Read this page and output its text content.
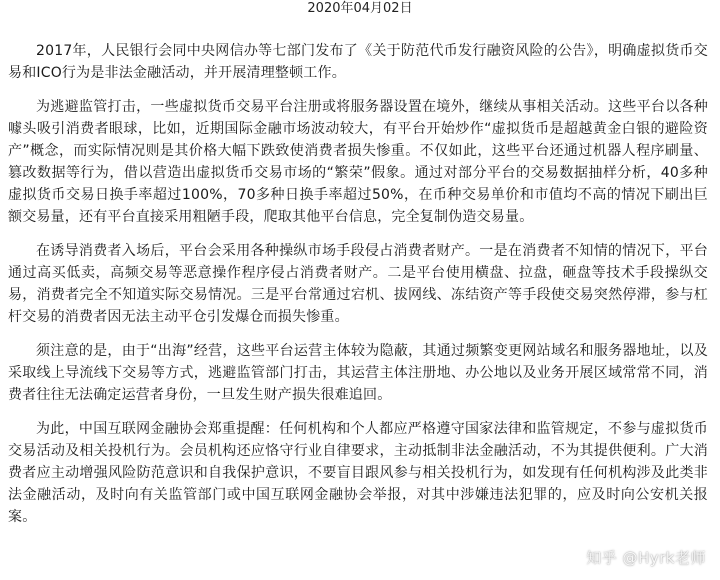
2020年04月02日

2017年，人民银行会同中央网信办等七部门发布了《关于防范代币发行融资风险的公告》，明确虚拟货币交易和ICO行为是非法金融活动，并开展清理整顿工作。

为逃避监管打击，一些虚拟货币交易平台注册或将服务器设置在境外，继续从事相关活动。这些平台以各种噱头吸引消费者眼球，比如，近期国际金融市场波动较大，有平台开始炒作“虚拟货币是超越黄金白银的避险资产”概念，而实际情况则是其价格大幅下跌致使消费者损失惨重。不仅如此，这些平台还通过机器人程序刷量、篡改数据等行为，借以营造出虚拟货币交易市场的“繁荣”假象。通过对部分平台的交易数据抽样分析，40多种虚拟货币交易日换手率超过100%，70多种日换手率超过50%，在币种交易单价和市值均不高的情况下刷出巨额交易量，还有平台直接采用粗陋手段，爬取其他平台信息，完全复制伪造交易量。

在诱导消费者入场后，平台会采用各种操纵市场手段侵占消费者财产。一是在消费者不知情的情况下，平台通过高买低卖，高频交易等恶意操作程序侵占消费者财产。二是平台使用横盘、拉盘，砸盘等技术手段操纵交易，消费者完全不知道实际交易情况。三是平台常通过宕机、拔网线、冻结资产等手段使交易突然停滞，参与杠杆交易的消费者因无法主动平仓引发爆仓而损失惨重。

须注意的是，由于“出海”经营，这些平台运营主体较为隐蔽，其通过频繁变更网站域名和服务器地址，以及采取线上导流线下交易等方式，逃避监管部门打击，其运营主体注册地、办公地以及业务开展区域常常不同，消费者往往无法确定运营者身份，一旦发生财产损失很难追回。

为此，中国互联网金融协会郑重提醒：任何机构和个人都应严格遵守国家法律和监管规定，不参与虚拟货币交易活动及相关投机行为。会员机构还应恪守行业自律要求，主动抵制非法金融活动，不为其提供便利。广大消费者应主动增强风险防范意识和自我保护意识，不要盲目跟风参与相关投机行为，如发现有任何机构涉及此类非法金融活动，及时向有关监管部门或中国互联网金融协会举报，对其中涉嫌违法犯罪的，应及时向公安机关报案。

知乎 @Hyrk老师
